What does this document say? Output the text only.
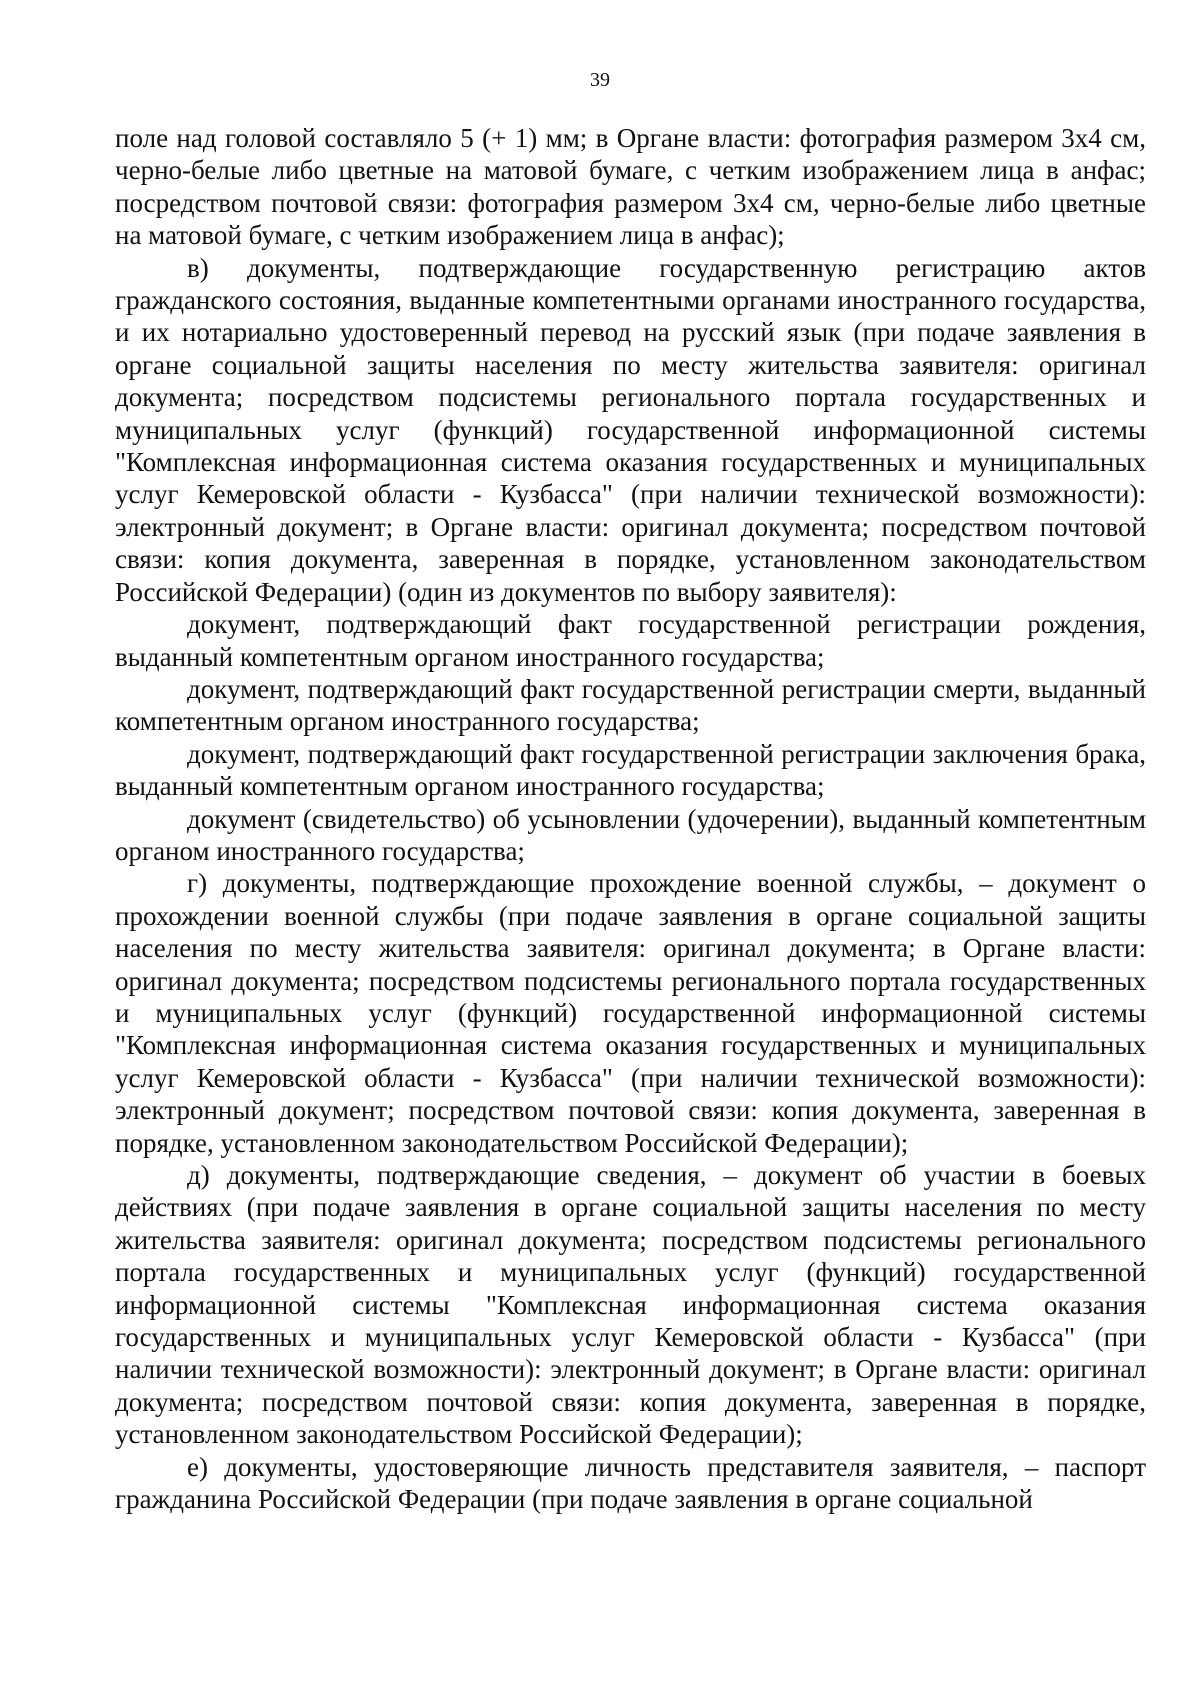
39

поле над головой составляло 5 (+ 1) мм; в Органе власти: фотография размером 3х4 см, черно-белые либо цветные на матовой бумаге, с четким изображением лица в анфас; посредством почтовой связи: фотография размером 3х4 см, черно-белые либо цветные на матовой бумаге, с четким изображением лица в анфас);

в) документы, подтверждающие государственную регистрацию актов гражданского состояния, выданные компетентными органами иностранного государства, и их нотариально удостоверенный перевод на русский язык (при подаче заявления в органе социальной защиты населения по месту жительства заявителя: оригинал документа; посредством подсистемы регионального портала государственных и муниципальных услуг (функций) государственной информационной системы "Комплексная информационная система оказания государственных и муниципальных услуг Кемеровской области - Кузбасса" (при наличии технической возможности): электронный документ; в Органе власти: оригинал документа; посредством почтовой связи: копия документа, заверенная в порядке, установленном законодательством Российской Федерации) (один из документов по выбору заявителя):

документ, подтверждающий факт государственной регистрации рождения, выданный компетентным органом иностранного государства;

документ, подтверждающий факт государственной регистрации смерти, выданный компетентным органом иностранного государства;

документ, подтверждающий факт государственной регистрации заключения брака, выданный компетентным органом иностранного государства;

документ (свидетельство) об усыновлении (удочерении), выданный компетентным органом иностранного государства;

г) документы, подтверждающие прохождение военной службы, – документ о прохождении военной службы (при подаче заявления в органе социальной защиты населения по месту жительства заявителя: оригинал документа; в Органе власти: оригинал документа; посредством подсистемы регионального портала государственных и муниципальных услуг (функций) государственной информационной системы "Комплексная информационная система оказания государственных и муниципальных услуг Кемеровской области - Кузбасса" (при наличии технической возможности): электронный документ; посредством почтовой связи: копия документа, заверенная в порядке, установленном законодательством Российской Федерации);

д) документы, подтверждающие сведения, – документ об участии в боевых действиях (при подаче заявления в органе социальной защиты населения по месту жительства заявителя: оригинал документа; посредством подсистемы регионального портала государственных и муниципальных услуг (функций) государственной информационной системы "Комплексная информационная система оказания государственных и муниципальных услуг Кемеровской области - Кузбасса" (при наличии технической возможности): электронный документ; в Органе власти: оригинал документа; посредством почтовой связи: копия документа, заверенная в порядке, установленном законодательством Российской Федерации);

е) документы, удостоверяющие личность представителя заявителя, – паспорт гражданина Российской Федерации (при подаче заявления в органе социальной
